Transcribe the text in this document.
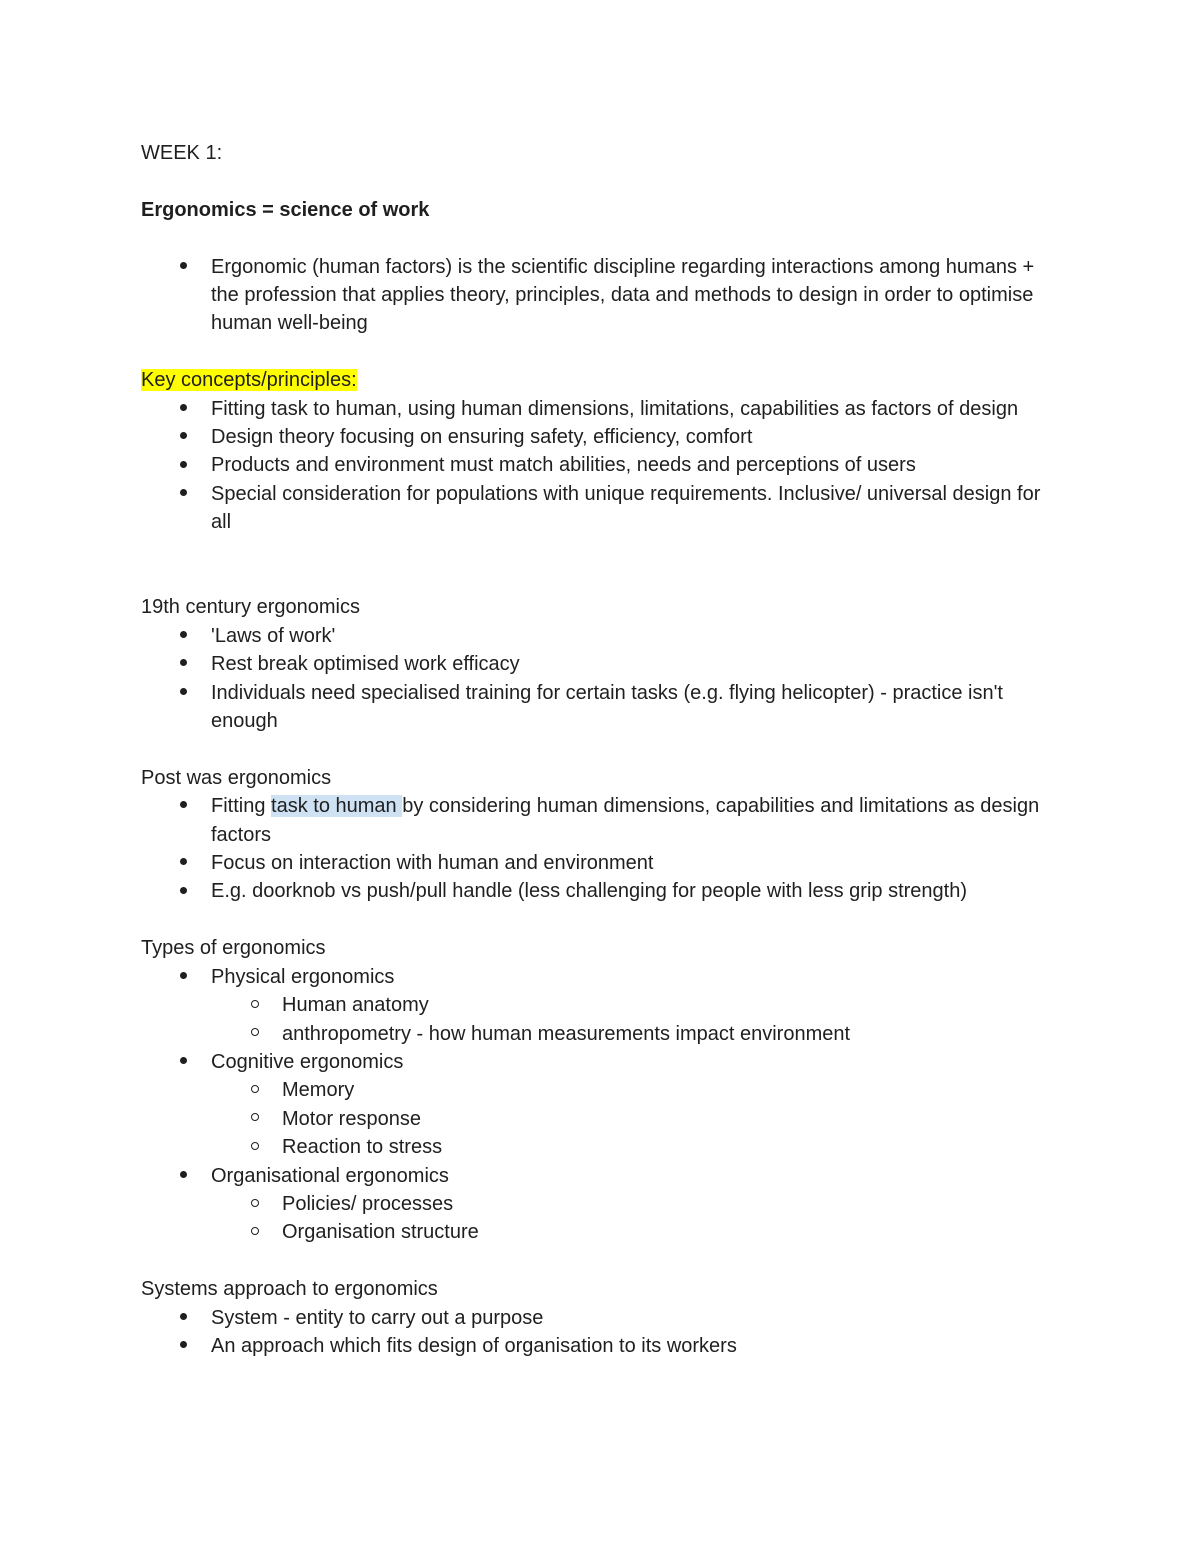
WEEK 1:

Ergonomics = science of work

Ergonomic (human factors) is the scientific discipline regarding interactions among humans + the profession that applies theory, principles, data and methods to design in order to optimise human well-being

Key concepts/principles:

Fitting task to human, using human dimensions, limitations, capabilities as factors of design
Design theory focusing on ensuring safety, efficiency, comfort
Products and environment must match abilities, needs and perceptions of users
Special consideration for populations with unique requirements. Inclusive/ universal design for all

19th century ergonomics

'Laws of work'
Rest break optimised work efficacy
Individuals need specialised training for certain tasks (e.g. flying helicopter) - practice isn't enough

Post was ergonomics

Fitting task to human by considering human dimensions, capabilities and limitations as design factors
Focus on interaction with human and environment
E.g. doorknob vs push/pull handle (less challenging for people with less grip strength)

Types of ergonomics

Physical ergonomics
Human anatomy
anthropometry - how human measurements impact environment
Cognitive ergonomics
Memory
Motor response
Reaction to stress
Organisational ergonomics
Policies/ processes
Organisation structure

Systems approach to ergonomics

System - entity to carry out a purpose
An approach which fits design of organisation to its workers
